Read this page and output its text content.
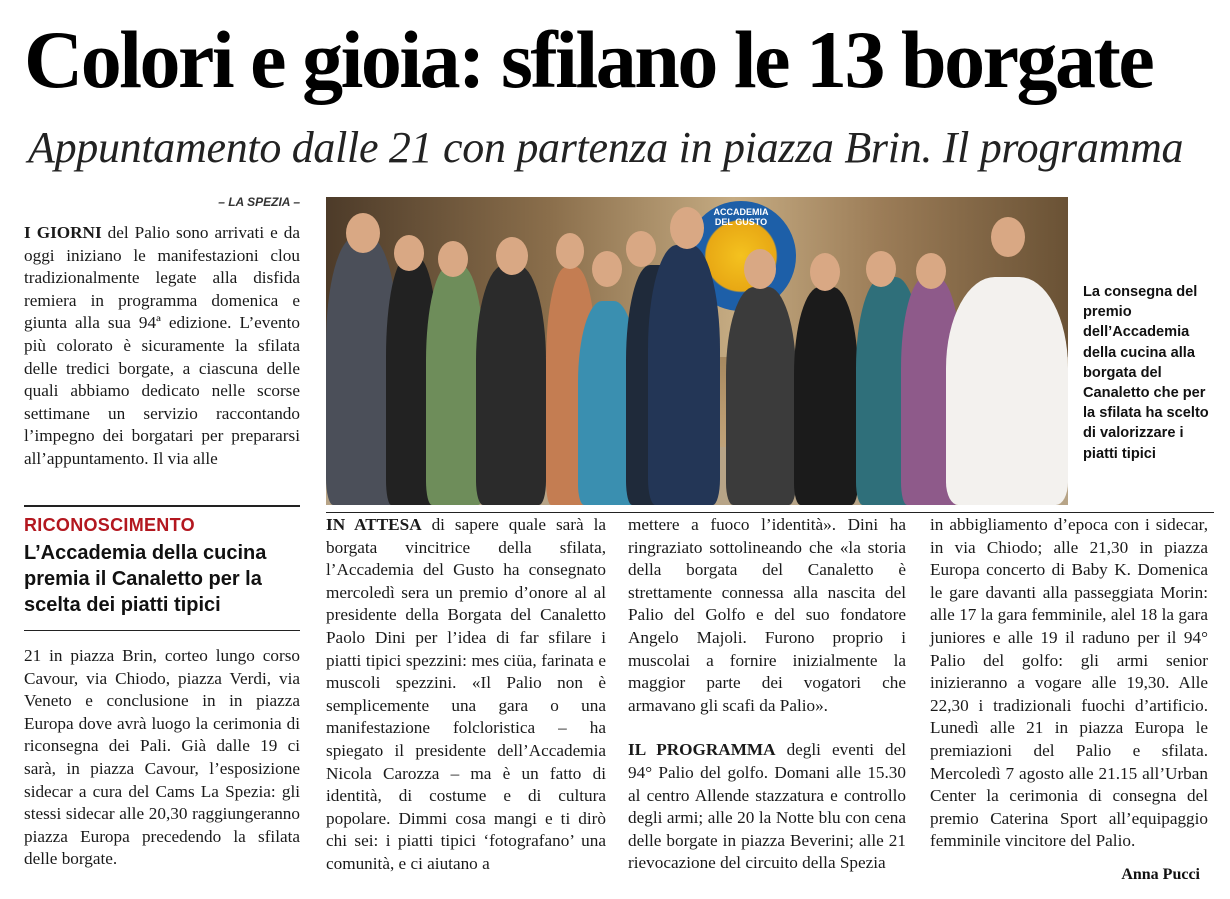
Colori e gioia: sfilano le 13 borgate
Appuntamento dalle 21 con partenza in piazza Brin. Il programma
– LA SPEZIA –

I GIORNI del Palio sono arrivati e da oggi iniziano le manifestazioni clou tradizionalmente legate alla disfida remiera in programma domenica e giunta alla sua 94ª edizione. L’evento più colorato è sicuramente la sfilata delle tredici borgate, a ciascuna delle quali abbiamo dedicato nelle scorse settimane un servizio raccontando l’impegno dei borgatari per prepararsi all’appuntamento. Il via alle

RICONOSCIMENTO
L’Accademia della cucina premia il Canaletto per la scelta dei piatti tipici

21 in piazza Brin, corteo lungo corso Cavour, via Chiodo, piazza Verdi, via Veneto e conclusione in in piazza Europa dove avrà luogo la cerimonia di riconsegna dei Pali. Già dalle 19 ci sarà, in piazza Cavour, l’esposizione sidecar a cura del Cams La Spezia: gli stessi sidecar alle 20,30 raggiungeranno piazza Europa precedendo la sfilata delle borgate.

ACCADEMIA DEL GUSTO
La consegna del premio dell’Accademia della cucina alla borgata del Canaletto che per la sfilata ha scelto di valorizzare i piatti tipici

IN ATTESA di sapere quale sarà la borgata vincitrice della sfilata, l’Accademia del Gusto ha consegnato mercoledì sera un premio d’onore al al presidente della Borgata del Canaletto Paolo Dini per l’idea di far sfilare i piatti tipici spezzini: mes ciüa, farinata e muscoli spezzini. «Il Palio non è semplicemente una gara o una manifestazione folcloristica – ha spiegato il presidente dell’Accademia Nicola Carozza – ma è un fatto di identità, di costume e di cultura popolare. Dimmi cosa mangi e ti dirò chi sei: i piatti tipici ‘fotografano’ una comunità, e ci aiutano a

mettere a fuoco l’identità». Dini ha ringraziato sottolineando che «la storia della borgata del Canaletto è strettamente connessa alla nascita del Palio del Golfo e del suo fondatore Angelo Majoli. Furono proprio i muscolai a fornire inizialmente la maggior parte dei vogatori che armavano gli scafi da Palio».

IL PROGRAMMA degli eventi del 94° Palio del golfo. Domani alle 15.30 al centro Allende stazzatura e controllo degli armi; alle 20 la Notte blu con cena delle borgate in piazza Beverini; alle 21 rievocazione del circuito della Spezia

in abbigliamento d’epoca con i sidecar, in via Chiodo; alle 21,30 in piazza Europa concerto di Baby K. Domenica le gare davanti alla passeggiata Morin: alle 17 la gara femminile, alel 18 la gara juniores e alle 19 il raduno per il 94° Palio del golfo: gli armi senior inizieranno a vogare alle 19,30. Alle 22,30 i tradizionali fuochi d’artificio. Lunedì alle 21 in piazza Europa le premiazioni del Palio e sfilata. Mercoledì 7 agosto alle 21.15 all’Urban Center la cerimonia di consegna del premio Caterina Sport all’equipaggio femminile vincitore del Palio.

Anna Pucci
